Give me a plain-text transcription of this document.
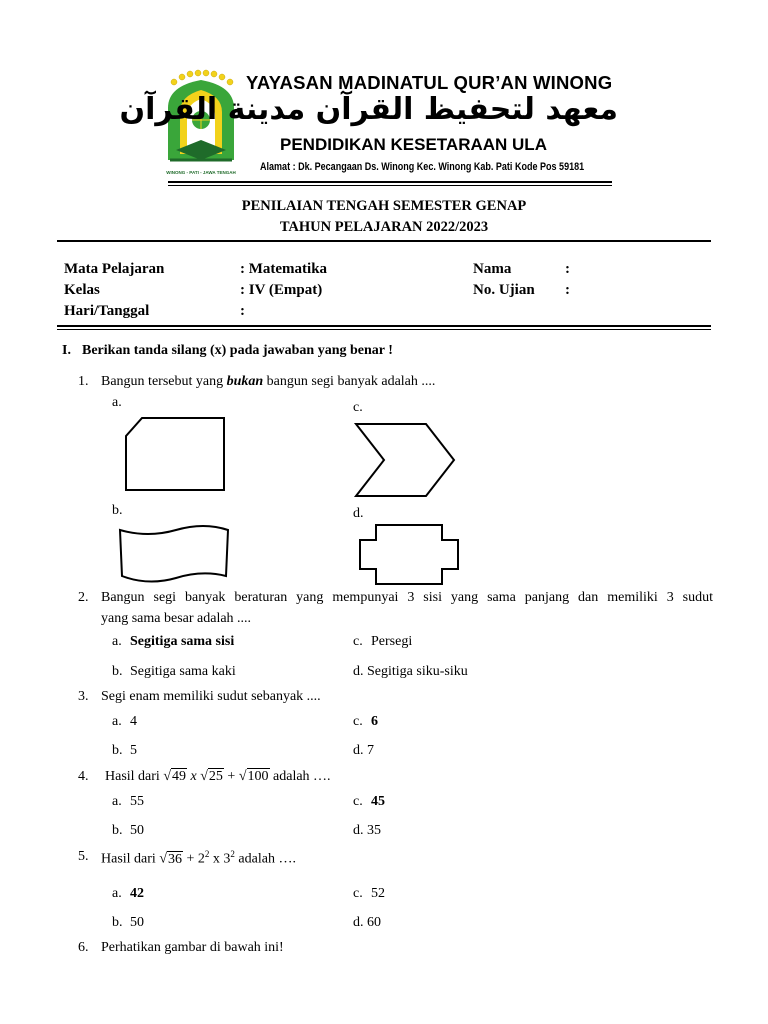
WINONG - PATI - JAWA TENGAH
YAYASAN MADINATUL QUR’AN WINONG
معهد لتحفيظ القرآن مدينة القرآن
PENDIDIKAN KESETARAAN ULA
Alamat : Dk. Pecangaan Ds. Winong Kec. Winong Kab. Pati Kode Pos 59181
PENILAIAN TENGAH SEMESTER GENAP
TAHUN PELAJARAN 2022/2023
Mata Pelajaran	: Matematika	Nama	:
Kelas	: IV (Empat)	No. Ujian :
Hari/Tanggal	:
I. Berikan tanda silang (x) pada jawaban yang benar !
1. Bangun tersebut yang bukan bangun segi banyak adalah ....
a.	c.
b.	d.
2. Bangun segi banyak beraturan yang mempunyai 3 sisi yang sama panjang dan memiliki 3 sudut
yang sama besar adalah ....
a. Segitiga sama sisi	c. Persegi
b. Segitiga sama kaki	d. Segitiga siku-siku
3. Segi enam memiliki sudut sebanyak ....
a. 4	c. 6
b. 5	d. 7
4. Hasil dari √49 x √25 + √100 adalah ….
a. 55	c. 45
b. 50	d. 35
5. Hasil dari $√36 + 2^2$ x $3^2$ adalah ….
a. 42	c. 52
b. 50	d. 60
6. Perhatikan gambar di bawah ini!
